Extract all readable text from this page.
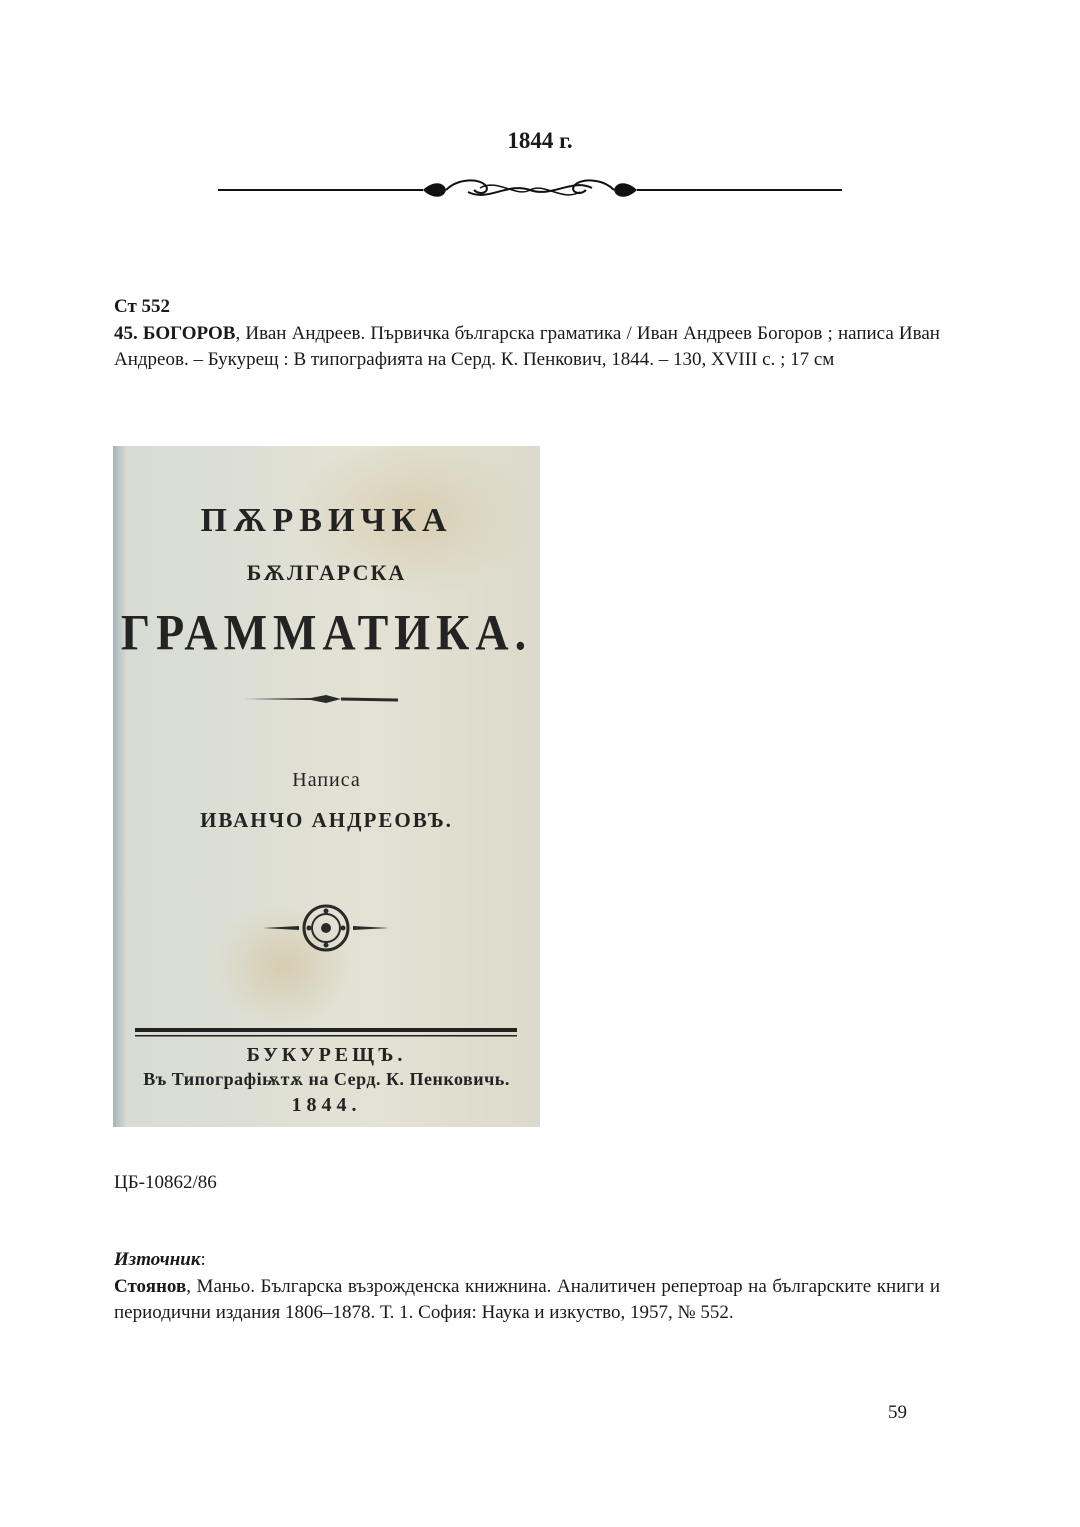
1844 г.
Ст 552
45. БОГОРОВ, Иван Андреев. Първичка българска граматика / Иван Андреев Богоров ; написа Иван Андреов. – Букурещ : В типографията на Серд. К. Пенкович, 1844. – 130, XVIII с. ; 17 см
ПѪРВИЧКА
БѪЛГАРСКА
ГРАММАТИКА.
Написа
ИВАНЧО АНДРЕОВЪ.
БУКУРЕЩЪ.
Въ Типографіѭтѫ на Серд. К. Пенковичь.
1844.
ЦБ-10862/86
Източник:
Стоянов, Маньо. Българска възрожденска книжнина. Аналитичен репертоар на българските книги и периодични издания 1806–1878. Т. 1. София: Наука и изкуство, 1957, № 552.
59
